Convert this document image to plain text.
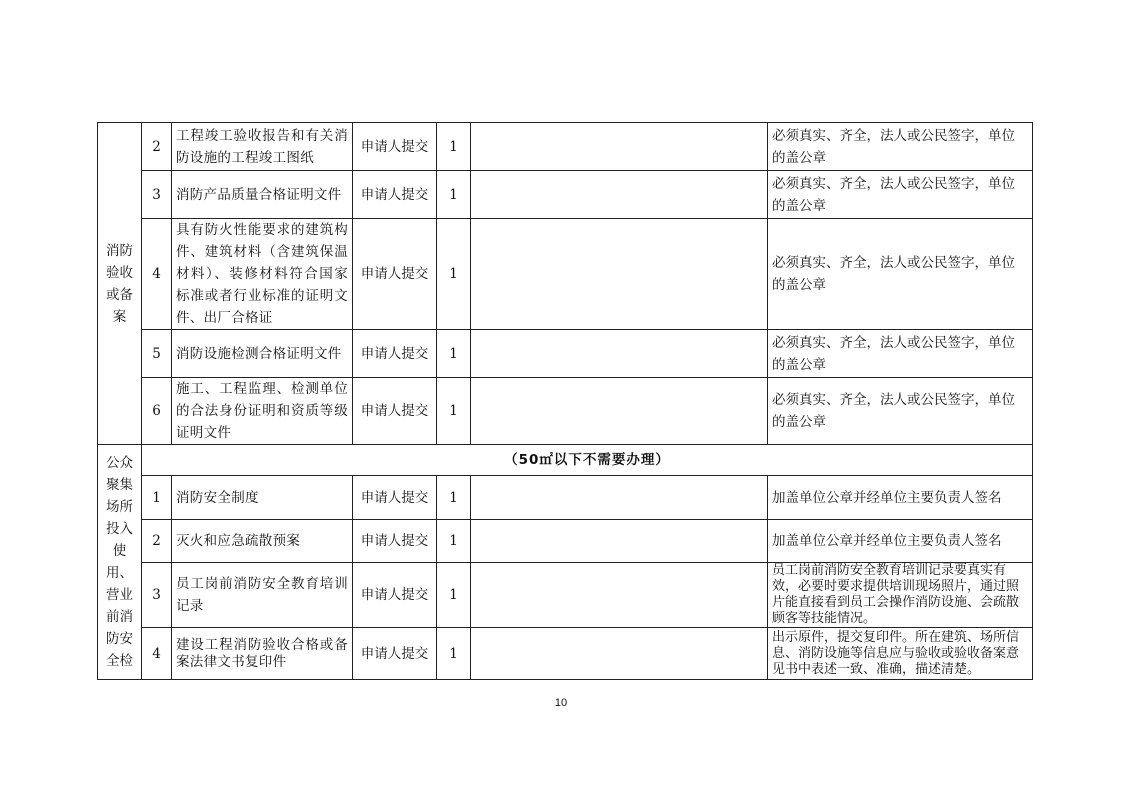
消防验收或备案	2	工程竣工验收报告和有关消防设施的工程竣工图纸	申请人提交	1		必须真实、齐全，法人或公民签字，单位的盖公章
	3	消防产品质量合格证明文件	申请人提交	1		必须真实、齐全，法人或公民签字，单位的盖公章
	4	具有防火性能要求的建筑构件、建筑材料（含建筑保温材料）、装修材料符合国家标准或者行业标准的证明文件、出厂合格证	申请人提交	1		必须真实、齐全，法人或公民签字，单位的盖公章
	5	消防设施检测合格证明文件	申请人提交	1		必须真实、齐全，法人或公民签字，单位的盖公章
	6	施工、工程监理、检测单位的合法身份证明和资质等级证明文件	申请人提交	1		必须真实、齐全，法人或公民签字，单位的盖公章
公众聚集场所投入使用、营业前消防安全检	（50㎡以下不需要办理）					
	1	消防安全制度	申请人提交	1		加盖单位公章并经单位主要负责人签名
	2	灭火和应急疏散预案	申请人提交	1		加盖单位公章并经单位主要负责人签名
	3	员工岗前消防安全教育培训记录	申请人提交	1		员工岗前消防安全教育培训记录要真实有效，必要时要求提供培训现场照片，通过照片能直接看到员工会操作消防设施、会疏散顾客等技能情况。
	4	建设工程消防验收合格或备案法律文书复印件	申请人提交	1		出示原件，提交复印件。所在建筑、场所信息、消防设施等信息应与验收或验收备案意见书中表述一致、准确，描述清楚。
10
